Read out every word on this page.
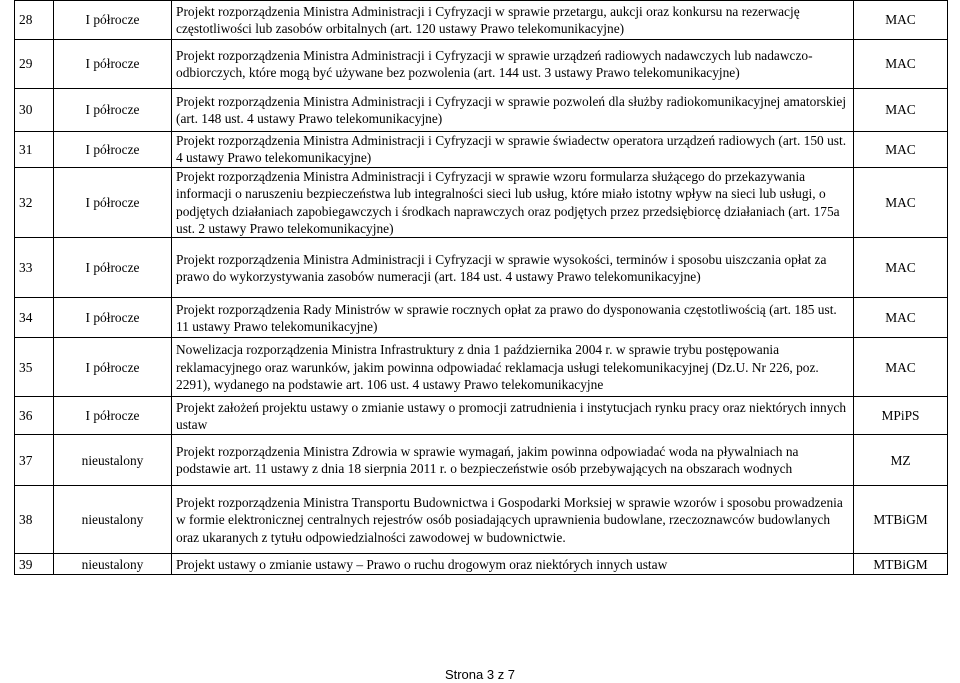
28	I półrocze	Projekt rozporządzenia Ministra Administracji i Cyfryzacji w sprawie przetargu, aukcji oraz konkursu na rezerwację częstotliwości lub zasobów orbitalnych (art. 120 ustawy Prawo telekomunikacyjne)	MAC
29	I półrocze	Projekt rozporządzenia Ministra Administracji i Cyfryzacji w sprawie urządzeń radiowych nadawczych lub nadawczo-odbiorczych, które mogą być używane bez pozwolenia (art. 144 ust. 3 ustawy Prawo telekomunikacyjne)	MAC
30	I półrocze	Projekt rozporządzenia Ministra Administracji i Cyfryzacji w sprawie pozwoleń dla służby radiokomunikacyjnej amatorskiej (art. 148 ust. 4 ustawy Prawo telekomunikacyjne)	MAC
31	I półrocze	Projekt rozporządzenia Ministra Administracji i Cyfryzacji w sprawie świadectw operatora urządzeń radiowych (art. 150 ust. 4 ustawy Prawo telekomunikacyjne)	MAC
32	I półrocze	Projekt rozporządzenia Ministra Administracji i Cyfryzacji w sprawie wzoru formularza służącego do przekazywania informacji o naruszeniu bezpieczeństwa lub integralności sieci lub usług, które miało istotny wpływ na sieci lub usługi, o podjętych działaniach zapobiegawczych i środkach naprawczych oraz podjętych przez przedsiębiorcę działaniach (art. 175a ust. 2 ustawy Prawo telekomunikacyjne)	MAC
33	I półrocze	Projekt rozporządzenia Ministra Administracji i Cyfryzacji w sprawie wysokości, terminów i sposobu uiszczania opłat za prawo do wykorzystywania zasobów numeracji (art. 184 ust. 4 ustawy Prawo telekomunikacyjne)	MAC
34	I półrocze	Projekt rozporządzenia Rady Ministrów w sprawie rocznych opłat za prawo do dysponowania częstotliwością (art. 185 ust. 11 ustawy Prawo telekomunikacyjne)	MAC
35	I półrocze	Nowelizacja rozporządzenia Ministra Infrastruktury z dnia 1 października 2004 r. w sprawie trybu postępowania reklamacyjnego oraz warunków, jakim powinna odpowiadać reklamacja usługi telekomunikacyjnej (Dz.U. Nr 226, poz. 2291), wydanego na podstawie art. 106 ust. 4 ustawy Prawo telekomunikacyjne	MAC
36	I półrocze	Projekt założeń projektu ustawy o zmianie ustawy o promocji zatrudnienia i instytucjach rynku pracy oraz niektórych innych ustaw	MPiPS
37	nieustalony	Projekt rozporządzenia Ministra Zdrowia w sprawie wymagań, jakim powinna odpowiadać woda na pływalniach na podstawie art. 11 ustawy z dnia 18 sierpnia 2011 r. o bezpieczeństwie osób przebywających na obszarach wodnych	MZ
38	nieustalony	Projekt rozporządzenia Ministra Transportu Budownictwa i Gospodarki Morksiej w sprawie wzorów i sposobu prowadzenia w formie elektronicznej centralnych rejestrów osób posiadających uprawnienia budowlane, rzeczoznawców budowlanych oraz ukaranych z tytułu odpowiedzialności zawodowej w budownictwie.	MTBiGM
39	nieustalony	Projekt ustawy o zmianie ustawy – Prawo o ruchu drogowym oraz niektórych innych ustaw	MTBiGM
Strona 3 z 7
